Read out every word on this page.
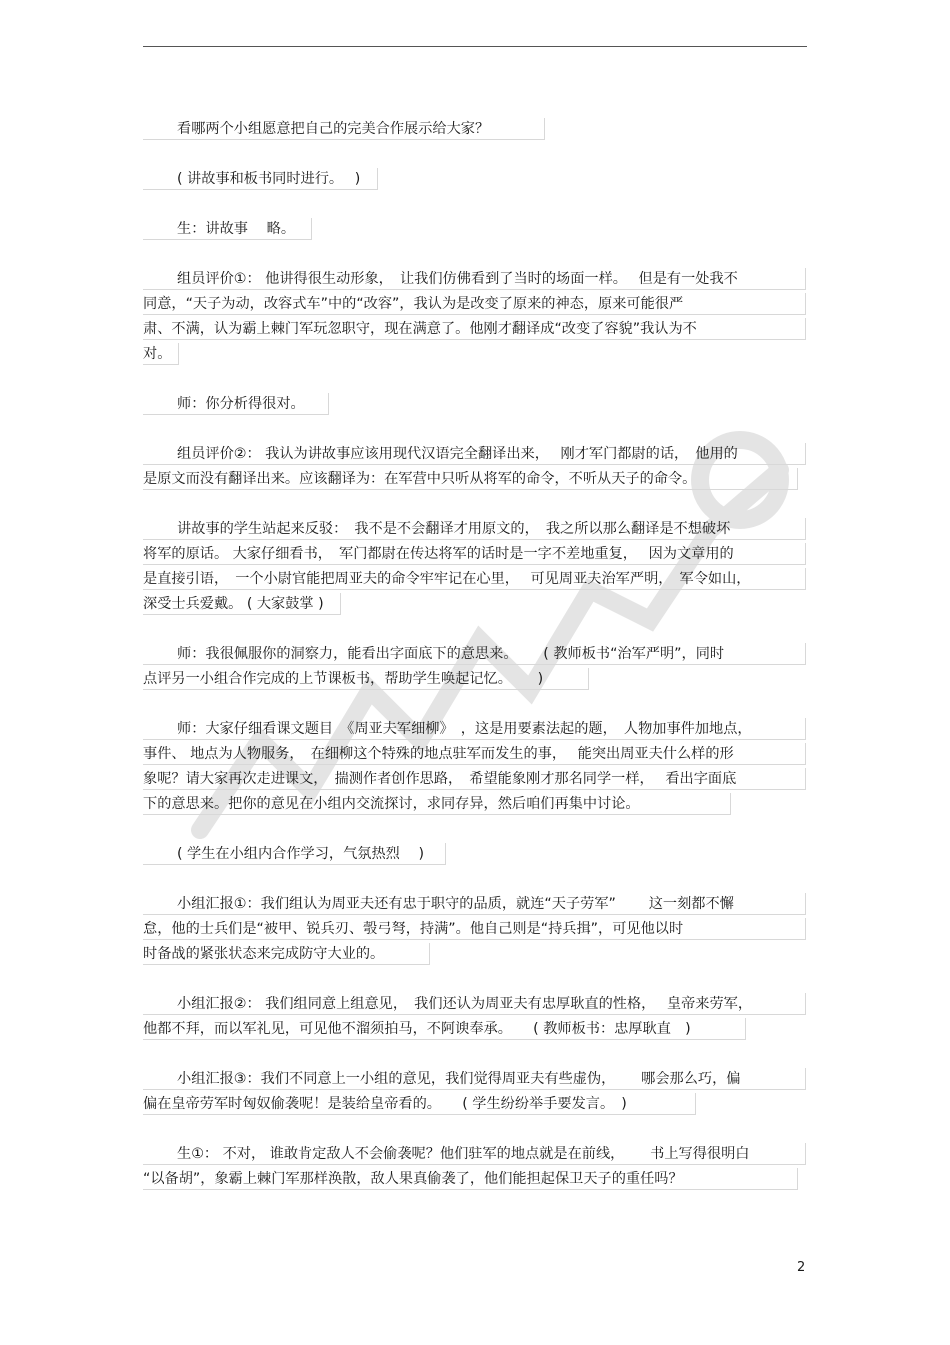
看哪两个小组愿意把自己的完美合作展示给大家？
( 讲故事和板书同时进行。　 )
生：讲故事　 略。
组员评价①： 他讲得很生动形象，　让我们仿佛看到了当时的场面一样。　 但是有一处我不
同意，“天子为动，改容式车”中的“改容”，我认为是改变了原来的神态，原来可能很严
肃、不满，认为霸上棘门军玩忽职守，现在满意了。他刚才翻译成“改变了容貌”我认为不
对。
师：你分析得很对。
组员评价②： 我认为讲故事应该用现代汉语完全翻译出来，　 刚才军门都尉的话，　他用的
是原文而没有翻译出来。应该翻译为：在军营中只听从将军的命令，不听从天子的命令。
讲故事的学生站起来反驳：　我不是不会翻译才用原文的，　我之所以那么翻译是不想破坏
将军的原话。 大家仔细看书，　军门都尉在传达将军的话时是一字不差地重复，　 因为文章用的
是直接引语，　一个小尉官能把周亚夫的命令牢牢记在心里，　 可见周亚夫治军严明，　军令如山，
深受士兵爱戴。 ( 大家鼓掌 )
师：我很佩服你的洞察力，能看出字面底下的意思来。　　 ( 教师板书“治军严明”，同时
点评另一小组合作完成的上节课板书，帮助学生唤起记忆。　　 )
师：大家仔细看课文题目　《周亚夫军细柳》　，这是用要素法起的题，　人物加事件加地点，
事件、 地点为人物服务，　在细柳这个特殊的地点驻军而发生的事，　 能突出周亚夫什么样的形
象呢？请大家再次走进课文，　揣测作者创作思路，　希望能象刚才那名同学一样，　 看出字面底
下的意思来。把你的意见在小组内交流探讨，求同存异，然后咱们再集中讨论。
( 学生在小组内合作学习，气氛热烈　 )
小组汇报①：我们组认为周亚夫还有忠于职守的品质，就连“天子劳军”　　 这一刻都不懈
怠，他的士兵们是“被甲、锐兵刃、彀弓弩，持满”。他自己则是“持兵揖”，可见他以时
时备战的紧张状态来完成防守大业的。
小组汇报②： 我们组同意上组意见，　我们还认为周亚夫有忠厚耿直的性格，　 皇帝来劳军，
他都不拜，而以军礼见，可见他不溜须拍马，不阿谀奉承。　　( 教师板书：忠厚耿直　)
小组汇报③：我们不同意上一小组的意见，我们觉得周亚夫有些虚伪，　　 哪会那么巧，偏
偏在皇帝劳军时匈奴偷袭呢！是装给皇帝看的。　　( 学生纷纷举手要发言。　)
生①： 不对， 谁敢肯定敌人不会偷袭呢？他们驻军的地点就是在前线，　　 书上写得很明白
“以备胡”，象霸上棘门军那样涣散，敌人果真偷袭了，他们能担起保卫天子的重任吗？
2
